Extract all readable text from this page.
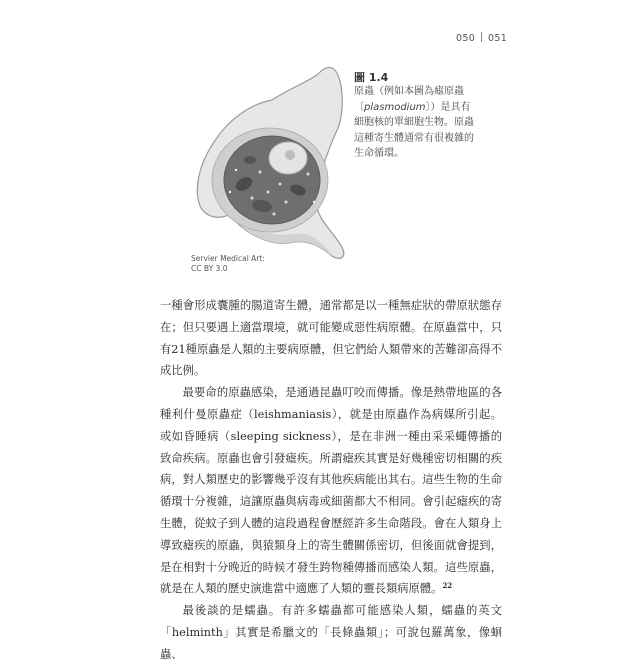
050 051
圖 1.4
原蟲（例如本圖為瘧原蟲〔plasmodium〕）是具有細胞核的單細胞生物。原蟲這種寄生體通常有很複雜的生命循環。
Servier Medical Art:
CC BY 3.0

一種會形成囊腫的腸道寄生體，通常都是以一種無症狀的帶原狀態存在；但只要遇上適當環境，就可能變成惡性病原體。在原蟲當中，只有21種原蟲是人類的主要病原體，但它們給人類帶來的苦難卻高得不成比例。

最要命的原蟲感染，是通過昆蟲叮咬而傳播。像是熱帶地區的各種利什曼原蟲症（leishmaniasis），就是由原蟲作為病媒所引起。或如昏睡病（sleeping sickness），是在非洲一種由采采蠅傳播的致命疾病。原蟲也會引發瘧疾。所謂瘧疾其實是好幾種密切相關的疾病，對人類歷史的影響幾乎沒有其他疾病能出其右。這些生物的生命循環十分複雜，這讓原蟲與病毒或細菌都大不相同。會引起瘧疾的寄生體，從蚊子到人體的這段過程會歷經許多生命階段。會在人類身上導致瘧疾的原蟲，與猿類身上的寄生體關係密切，但後面就會提到，是在相對十分晚近的時候才發生跨物種傳播而感染人類。這些原蟲，就是在人類的歷史演進當中適應了人類的靈長類病原體。$^{22}$

最後談的是蠕蟲。有許多蠕蟲都可能感染人類，蠕蟲的英文「helminth」其實是希臘文的「長條蟲類」；可說包羅萬象，像蛔蟲、
